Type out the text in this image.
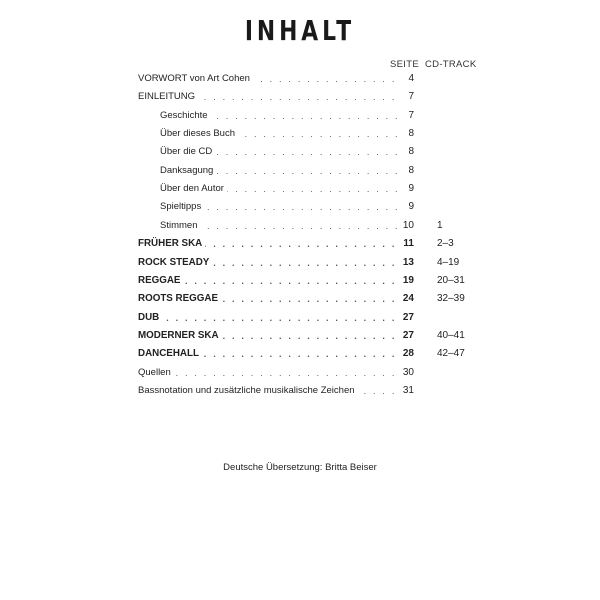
INHALT
SEITE CD-TRACK
. . .
VORWORT von Art Cohen	4
. . .
EINLEITUNG	7
. . .
Geschichte	7
. . .
Über dieses Buch	8
. . .
Über die CD	8
. . .
Danksagung	8
. . .
Über den Autor	9
. . .
Spieltipps	9
. . .
Stimmen	10 1
. . .
FRÜHER SKA	11 2–3
. . .
ROCK STEADY	13 4–19
. . .
REGGAE	19 20–31
. . .
ROOTS REGGAE	24 32–39
. . .
DUB	27
. . .
MODERNER SKA	27 40–41
. . .
DANCEHALL	28 42–47
. . .
Quellen	30
. . .
Bassnotation und zusätzliche musikalische Zeichen	31
Deutsche Übersetzung: Britta Beiser
